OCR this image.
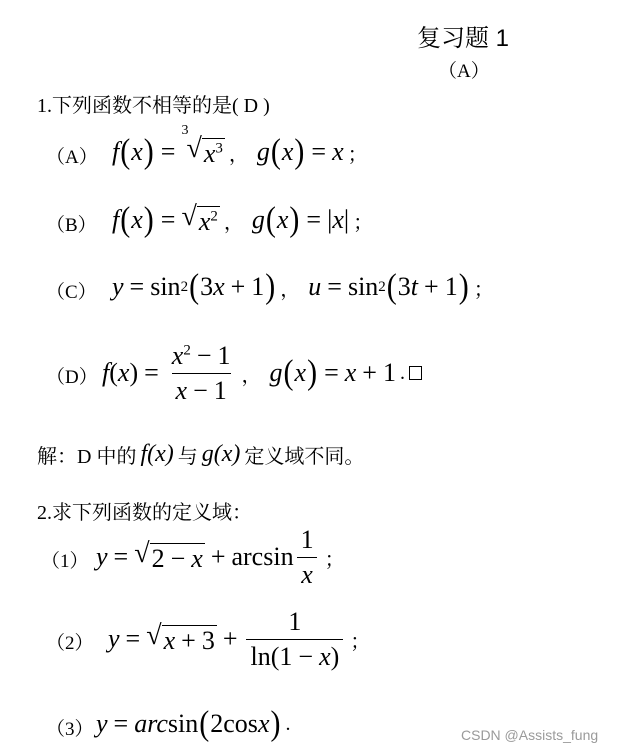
复习题 1
（A）
1.下列函数不相等的是( D )
（A） f ( x ) =
3
√ $x^3$ ， g ( x ) = x ；
（B） f ( x ) = √ $x^2$ ， g ( x ) = | x | ；
（C） y = sin 2 ( 3 x + 1 ) ， u = sin 2 ( 3 t + 1 ) ；
（D） f ( x ) = $\frac{x^2 - 1}{x - 1}$ ， g ( x ) = x + 1 .
解：D 中的 f(x) 与 g(x) 定义域不同。
2.求下列函数的定义域：
（1） y = √ $2 - x + \arcsin \frac{1}{x}$ ；
（2） y = √ $x + 3 + \frac{1}{\ln(1 - x)}$ ；
（3） y = arc sin ( 2 cos x ) .
CSDN @Assists_fung
